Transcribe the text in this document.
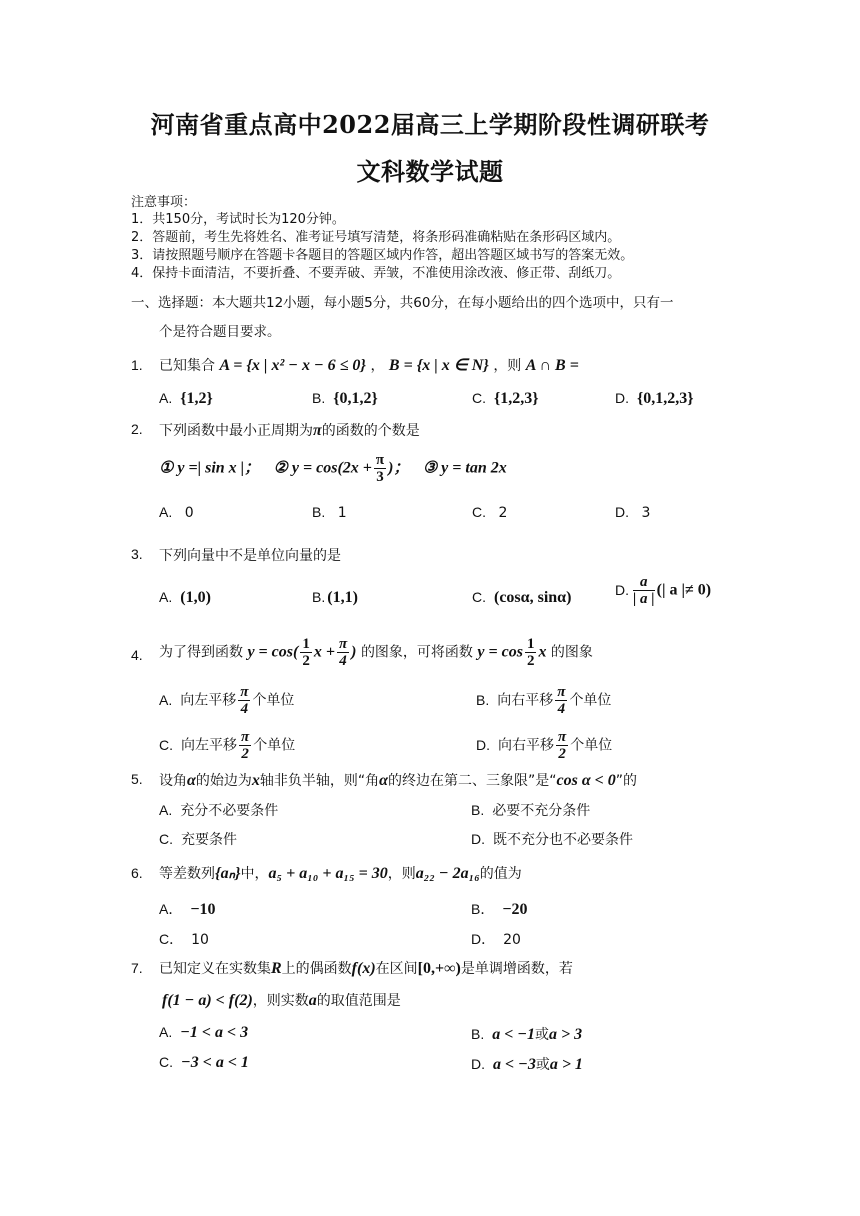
河南省重点高中2022届高三上学期阶段性调研联考
文科数学试题
注意事项：
1．共150分，考试时长为120分钟。
2．答题前，考生先将姓名、准考证号填写清楚，将条形码准确粘贴在条形码区域内。
3．请按照题号顺序在答题卡各题目的答题区域内作答，超出答题区域书写的答案无效。
4．保持卡面清洁，不要折叠、不要弄破、弄皱，不准使用涂改液、修正带、刮纸刀。
一、选择题：本大题共12小题，每小题5分，共60分，在每小题给出的四个选项中，只有一
个是符合题目要求。
1. 已知集合 A = {x | x² − x − 6 ≤ 0} ， B = {x | x ∈ N} ，则 A ∩ B =
A. {1,2}	B. {0,1,2}	C. {1,2,3}	D. {0,1,2,3}
2. 下列函数中最小正周期为π的函数的个数是
① y =| sin x |； ② $y = \cos(2x + \frac{\pi}{3}$ )； ③ y = tan 2x
A. 0	B. 1	C. 2	D. 3
3. 下列向量中不是单位向量的是
A. (1,0)	B. (1,1)	C. (cosα, sinα)	D. $\frac{a}{| a |}$ (| a |≠ 0)
4. 为了得到函数 $y = \cos( \frac{1}{2}$ $x + \frac{\pi}{4}$ ) 的图象，可将函数 $y = \cos \frac{1}{2}$ x 的图象
A. 向左平移 $\frac{\pi}{4}$ 个单位	B. 向右平移 $\frac{\pi}{4}$ 个单位
C. 向左平移 $\frac{\pi}{2}$ 个单位	D. 向右平移 $\frac{\pi}{2}$ 个单位
5. 设角α的始边为x轴非负半轴，则“角α的终边在第二、三象限”是“cos α < 0”的
A. 充分不必要条件	B. 必要不充分条件
C. 充要条件	D. 既不充分也不必要条件
6. 等差数列{aₙ}中，a₅ + a₁₀ + a₁₅ = 30，则a₂₂ − 2a₁₆的值为
A． −10	B． −20
C． 10	D． 20
7. 已知定义在实数集R上的偶函数f(x)在区间[0,+∞)是单调增函数，若
f(1 − a) < f(2)，则实数a的取值范围是
A. −1 < a < 3	B. a < −1或a > 3
C. −3 < a < 1	D. a < −3或a > 1
